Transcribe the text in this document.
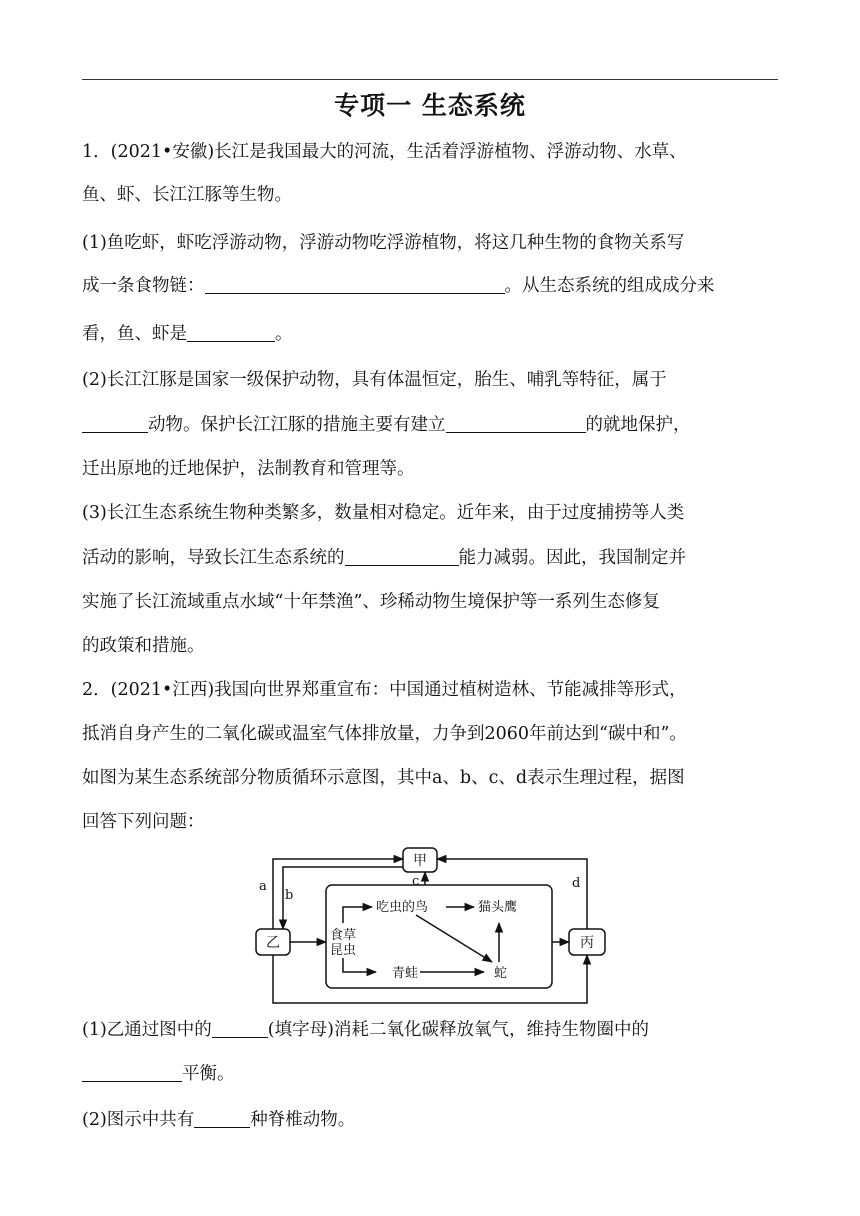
专项一 生态系统
1．(2021•安徽)长江是我国最大的河流，生活着浮游植物、浮游动物、水草、
鱼、虾、长江江豚等生物。
(1)鱼吃虾，虾吃浮游动物，浮游动物吃浮游植物，将这几种生物的食物关系写
成一条食物链：	。从生态系统的组成成分来
看，鱼、虾是	。
(2)长江江豚是国家一级保护动物，具有体温恒定，胎生、哺乳等特征，属于
动物。保护长江江豚的措施主要有建立	的就地保护，
迁出原地的迁地保护，法制教育和管理等。
(3)长江生态系统生物种类繁多，数量相对稳定。近年来，由于过度捕捞等人类
活动的影响，导致长江生态系统的	能力减弱。因此，我国制定并
实施了长江流域重点水域“十年禁渔”、珍稀动物生境保护等一系列生态修复
的政策和措施。
2．(2021•江西)我国向世界郑重宣布：中国通过植树造林、节能减排等形式，
抵消自身产生的二氧化碳或温室气体排放量，力争到2060年前达到“碳中和”。
如图为某生态系统部分物质循环示意图，其中a、b、c、d表示生理过程，据图
回答下列问题：
甲
乙	丙
a
b
c	d
吃虫的鸟	猫头鹰
食草
昆虫
青蛙	蛇
(1)乙通过图中的	(填字母)消耗二氧化碳释放氧气，维持生物圈中的
平衡。
(2)图示中共有	种脊椎动物。
